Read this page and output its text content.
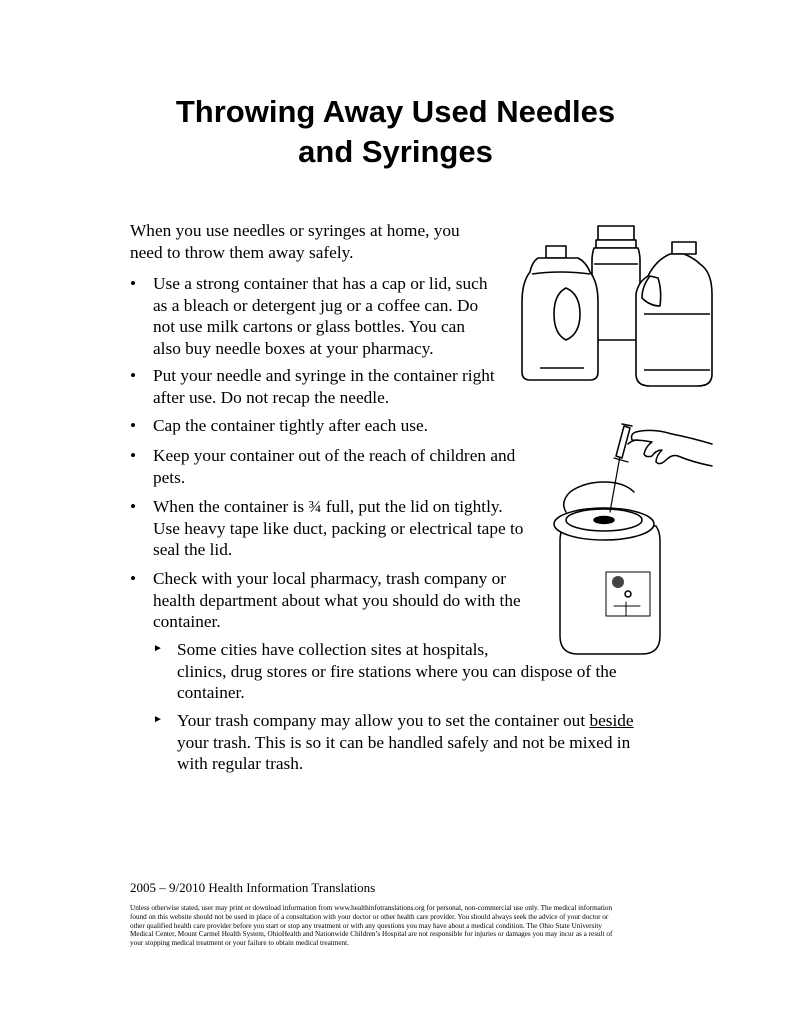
Throwing Away Used Needles
and Syringes
When you use needles or syringes at home, you
need to throw them away safely.
• Use a strong container that has a cap or lid, such
as a bleach or detergent jug or a coffee can. Do
not use milk cartons or glass bottles. You can
also buy needle boxes at your pharmacy.
• Put your needle and syringe in the container right
after use. Do not recap the needle.
• Cap the container tightly after each use.
• Keep your container out of the reach of children and
pets.
• When the container is ¾ full, put the lid on tightly.
Use heavy tape like duct, packing or electrical tape to
seal the lid.
• Check with your local pharmacy, trash company or
health department about what you should do with the
container.
► Some cities have collection sites at hospitals,
clinics, drug stores or fire stations where you can dispose of the
container.
► Your trash company may allow you to set the container out beside
your trash. This is so it can be handled safely and not be mixed in
with regular trash.
2005 – 9/2010 Health Information Translations
Unless otherwise stated, user may print or download information from www.healthinfotranslations.org for personal, non-commercial use only. The medical information
found on this website should not be used in place of a consultation with your doctor or other health care provider. You should always seek the advice of your doctor or
other qualified health care provider before you start or stop any treatment or with any questions you may have about a medical condition. The Ohio State University
Medical Center, Mount Carmel Health System, OhioHealth and Nationwide Children’s Hospital are not responsible for injuries or damages you may incur as a result of
your stopping medical treatment or your failure to obtain medical treatment.
